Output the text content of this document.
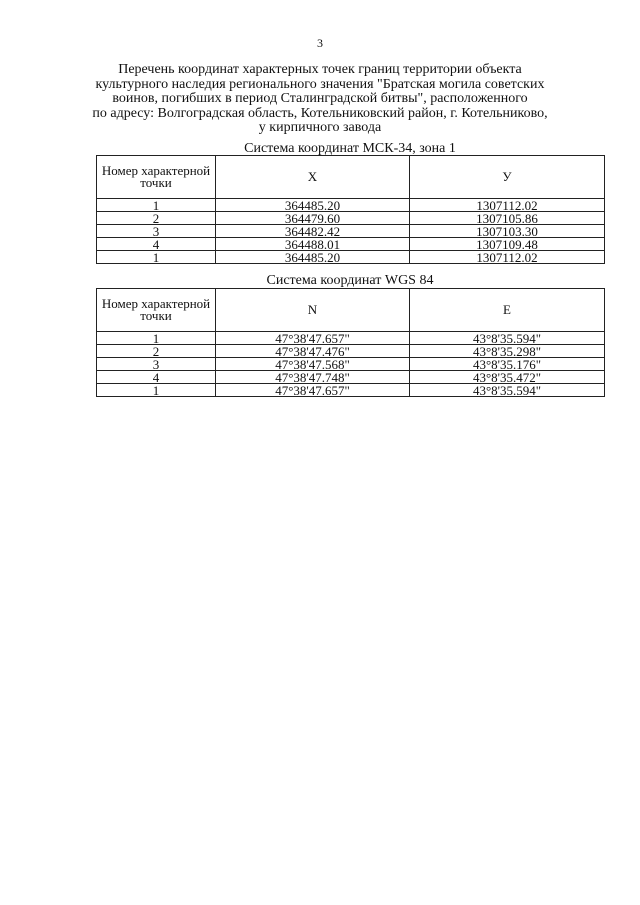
3
Перечень координат характерных точек границ территории объекта
культурного наследия регионального значения "Братская могила советских
воинов, погибших в период Сталинградской битвы", расположенного
по адресу: Волгоградская область, Котельниковский район, г. Котельниково,
у кирпичного завода
Система координат МСК-34, зона 1
Номер характерной точки	X	У
1	364485.20	1307112.02
2	364479.60	1307105.86
3	364482.42	1307103.30
4	364488.01	1307109.48
1	364485.20	1307112.02
Система координат WGS 84
Номер характерной точки	N	E
1	47°38'47.657"	43°8'35.594"
2	47°38'47.476"	43°8'35.298"
3	47°38'47.568"	43°8'35.176"
4	47°38'47.748"	43°8'35.472"
1	47°38'47.657"	43°8'35.594"
